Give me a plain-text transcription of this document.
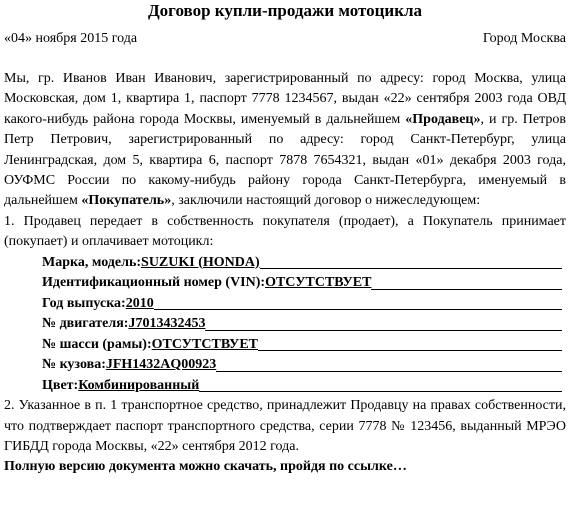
Договор купли-продажи мотоцикла
«04» ноября 2015 года	Город Москва

Мы, гр. Иванов Иван Иванович, зарегистрированный по адресу: город Москва, улица Московская, дом 1, квартира 1, паспорт 7778 1234567, выдан «22» сентября 2003 года ОВД какого-нибудь района города Москвы, именуемый в дальнейшем «Продавец», и гр. Петров Петр Петрович, зарегистрированный по адресу: город Санкт-Петербург, улица Ленинградская, дом 5, квартира 6, паспорт 7878 7654321, выдан «01» декабря 2003 года, ОУФМС России по какому-нибудь району города Санкт-Петербурга, именуемый в дальнейшем «Покупатель», заключили настоящий договор о нижеследующем:

1. Продавец передает в собственность покупателя (продает), а Покупатель принимает (покупает) и оплачивает мотоцикл:

Марка, модель: SUZUKI (HONDA)
Идентификационный номер (VIN): ОТСУТСТВУЕТ
Год выпуска: 2010
№ двигателя: J7013432453
№ шасси (рамы): ОТСУТСТВУЕТ
№ кузова: JFH1432AQ00923
Цвет: Комбинированный

2. Указанное в п. 1 транспортное средство, принадлежит Продавцу на правах собственности, что подтверждает паспорт транспортного средства, серии 7778 № 123456, выданный МРЭО ГИБДД города Москвы, «22» сентября 2012 года.

Полную версию документа можно скачать, пройдя по ссылке…
